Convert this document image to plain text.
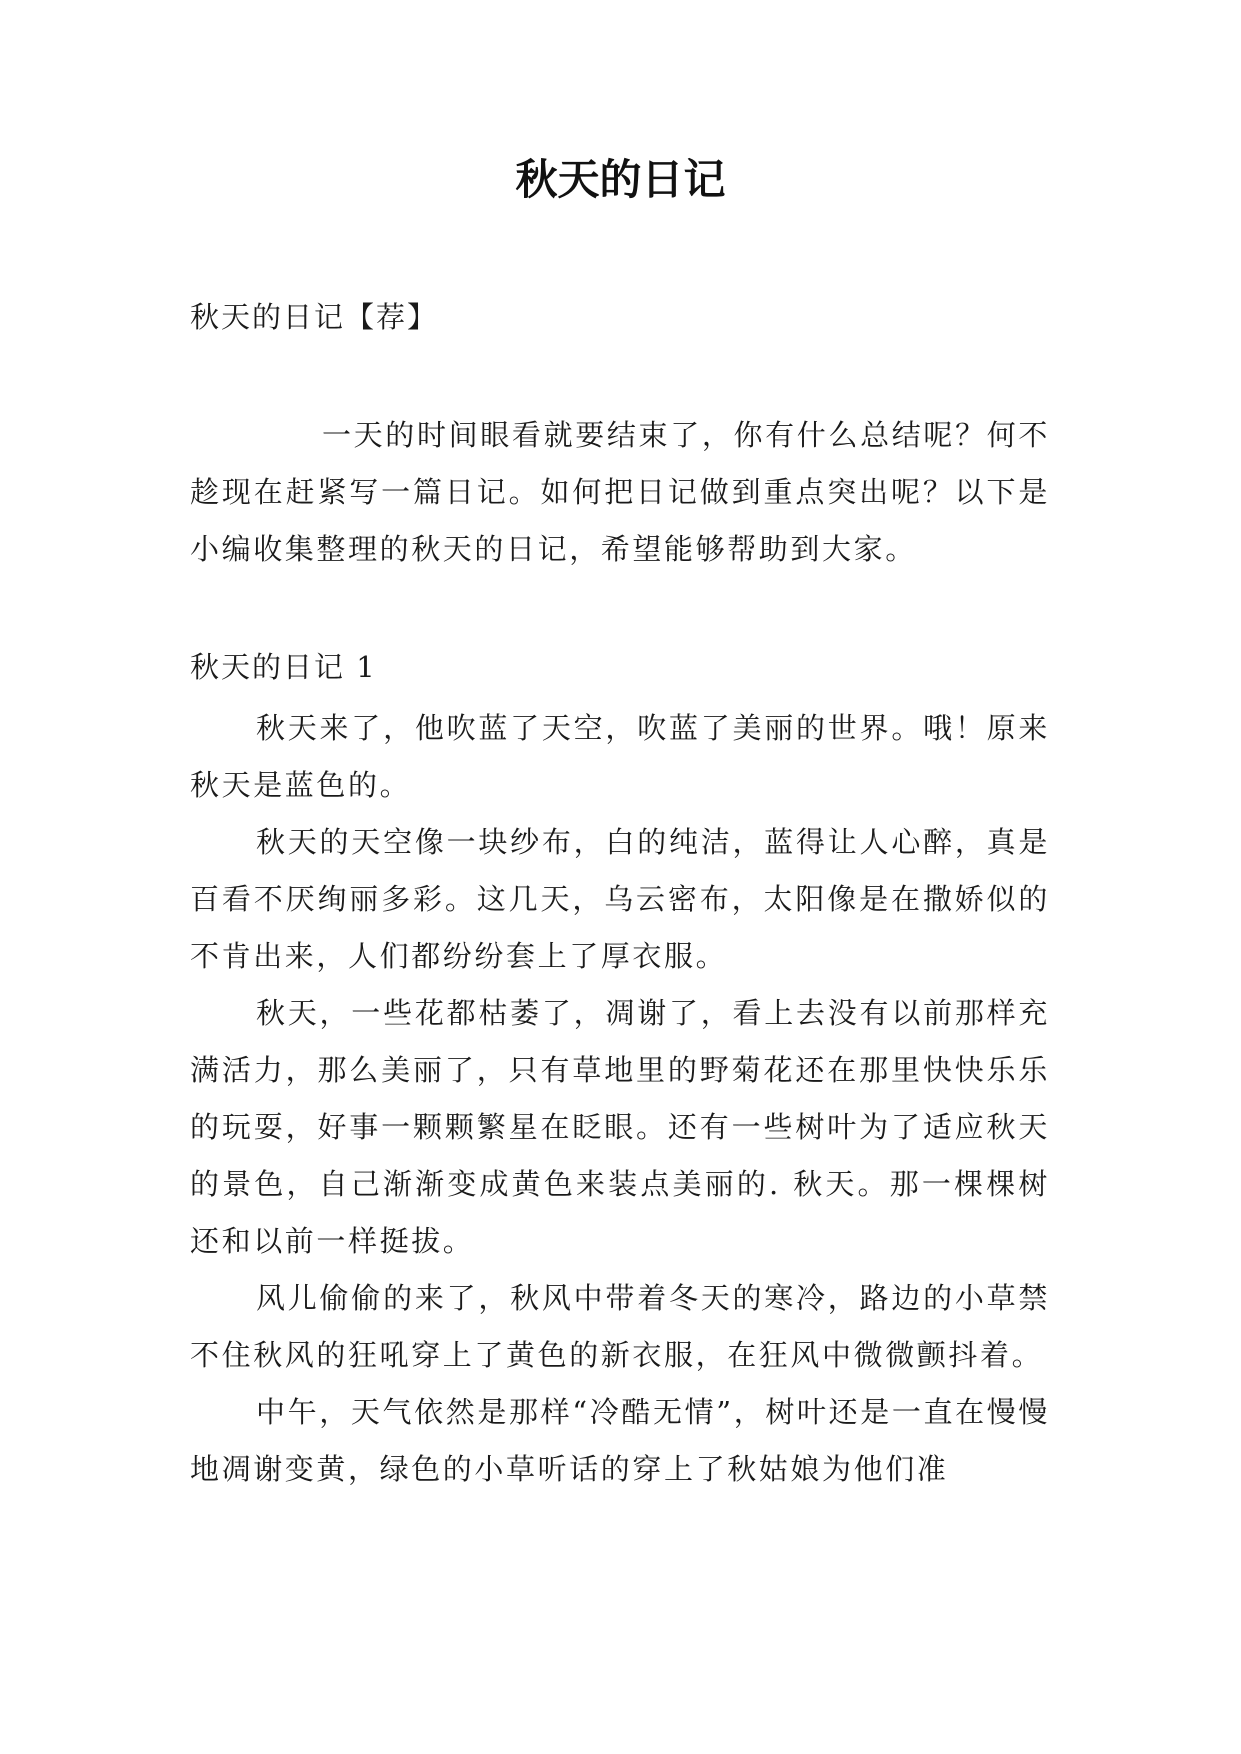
秋天的日记
秋天的日记【荐】

一天的时间眼看就要结束了，你有什么总结呢？何不趁现在赶紧写一篇日记。如何把日记做到重点突出呢？以下是小编收集整理的秋天的日记，希望能够帮助到大家。

秋天的日记 1

秋天来了，他吹蓝了天空，吹蓝了美丽的世界。哦！原来秋天是蓝色的。

秋天的天空像一块纱布，白的纯洁，蓝得让人心醉，真是百看不厌绚丽多彩。这几天，乌云密布，太阳像是在撒娇似的不肯出来，人们都纷纷套上了厚衣服。

秋天，一些花都枯萎了，凋谢了，看上去没有以前那样充满活力，那么美丽了，只有草地里的野菊花还在那里快快乐乐的玩耍，好事一颗颗繁星在眨眼。还有一些树叶为了适应秋天的景色，自己渐渐变成黄色来装点美丽的. 秋天。那一棵棵树还和以前一样挺拔。

风儿偷偷的来了，秋风中带着冬天的寒冷，路边的小草禁不住秋风的狂吼穿上了黄色的新衣服，在狂风中微微颤抖着。

中午，天气依然是那样“冷酷无情”，树叶还是一直在慢慢地凋谢变黄，绿色的小草听话的穿上了秋姑娘为他们准
